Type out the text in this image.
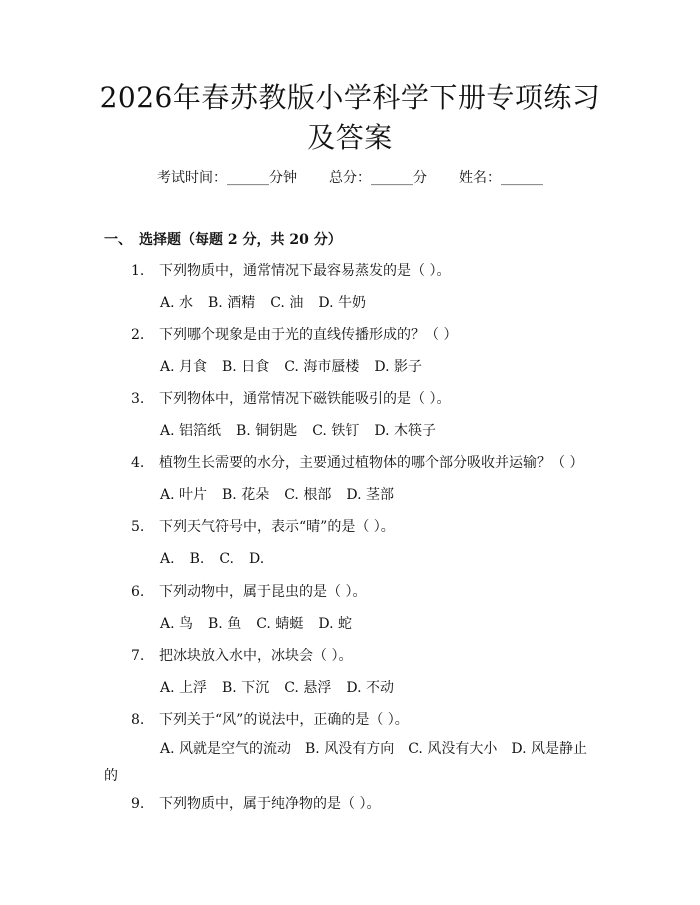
2026年春苏教版小学科学下册专项练习及答案
考试时间：______分钟 总分：______分 姓名：______
一、 选择题（每题 2 分，共 20 分）
1. 下列物质中，通常情况下最容易蒸发的是（ ）。
A. 水 B. 酒精 C. 油 D. 牛奶
2. 下列哪个现象是由于光的直线传播形成的？（ ）
A. 月食 B. 日食 C. 海市蜃楼 D. 影子
3. 下列物体中，通常情况下磁铁能吸引的是（ ）。
A. 铝箔纸 B. 铜钥匙 C. 铁钉 D. 木筷子
4. 植物生长需要的水分，主要通过植物体的哪个部分吸收并运输？（ ）
A. 叶片 B. 花朵 C. 根部 D. 茎部
5. 下列天气符号中，表示“晴”的是（ ）。
A. B. C. D.
6. 下列动物中，属于昆虫的是（ ）。
A. 鸟 B. 鱼 C. 蜻蜓 D. 蛇
7. 把冰块放入水中，冰块会（ ）。
A. 上浮 B. 下沉 C. 悬浮 D. 不动
8. 下列关于“风”的说法中，正确的是（ ）。
A. 风就是空气的流动 B. 风没有方向 C. 风没有大小 D. 风是静止的
9. 下列物质中，属于纯净物的是（ ）。
